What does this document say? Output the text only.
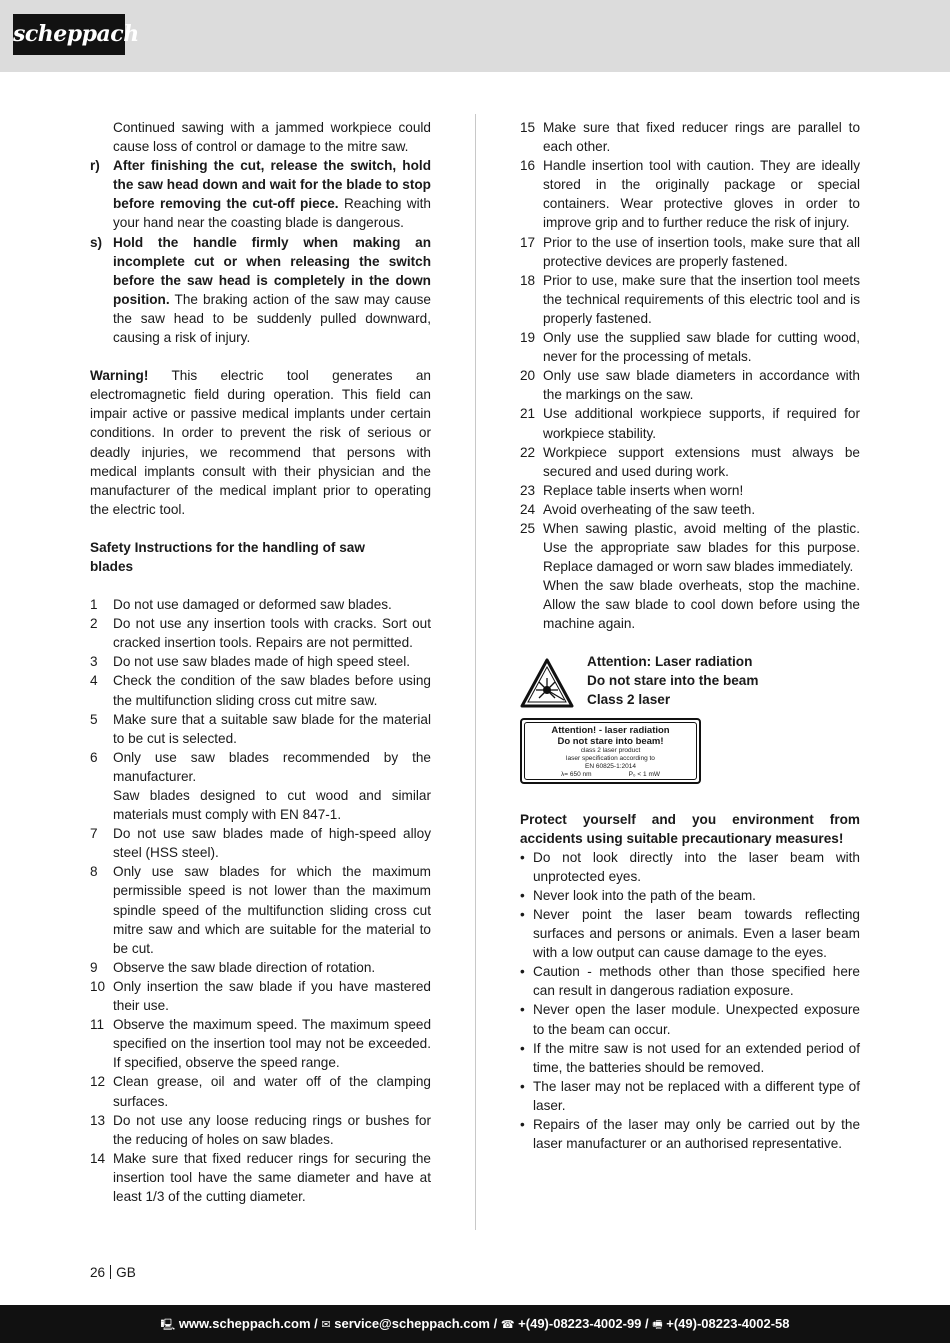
scheppach

Continued sawing with a jammed workpiece could cause loss of control or damage to the mitre saw.

r) After finishing the cut, release the switch, hold the saw head down and wait for the blade to stop before removing the cut-off piece. Reaching with your hand near the coasting blade is dangerous.

s) Hold the handle firmly when making an incomplete cut or when releasing the switch before the saw head is completely in the down position. The braking action of the saw may cause the saw head to be suddenly pulled downward, causing a risk of injury.

Warning! This electric tool generates an electromagnetic field during operation. This field can impair active or passive medical implants under certain conditions. In order to prevent the risk of serious or deadly injuries, we recommend that persons with medical implants consult with their physician and the manufacturer of the medical implant prior to operating the electric tool.

Safety Instructions for the handling of saw blades

1 Do not use damaged or deformed saw blades.
2 Do not use any insertion tools with cracks. Sort out cracked insertion tools. Repairs are not permitted.
3 Do not use saw blades made of high speed steel.
4 Check the condition of the saw blades before using the multifunction sliding cross cut mitre saw.
5 Make sure that a suitable saw blade for the material to be cut is selected.
6 Only use saw blades recommended by the manufacturer.
Saw blades designed to cut wood and similar materials must comply with EN 847-1.
7 Do not use saw blades made of high-speed alloy steel (HSS steel).
8 Only use saw blades for which the maximum permissible speed is not lower than the maximum spindle speed of the multifunction sliding cross cut mitre saw and which are suitable for the material to be cut.
9 Observe the saw blade direction of rotation.
10 Only insertion the saw blade if you have mastered their use.
11 Observe the maximum speed. The maximum speed specified on the insertion tool may not be exceeded. If specified, observe the speed range.
12 Clean grease, oil and water off of the clamping surfaces.
13 Do not use any loose reducing rings or bushes for the reducing of holes on saw blades.
14 Make sure that fixed reducer rings for securing the insertion tool have the same diameter and have at least 1/3 of the cutting diameter.
15 Make sure that fixed reducer rings are parallel to each other.
16 Handle insertion tool with caution. They are ideally stored in the originally package or special containers. Wear protective gloves in order to improve grip and to further reduce the risk of injury.
17 Prior to the use of insertion tools, make sure that all protective devices are properly fastened.
18 Prior to use, make sure that the insertion tool meets the technical requirements of this electric tool and is properly fastened.
19 Only use the supplied saw blade for cutting wood, never for the processing of metals.
20 Only use saw blade diameters in accordance with the markings on the saw.
21 Use additional workpiece supports, if required for workpiece stability.
22 Workpiece support extensions must always be secured and used during work.
23 Replace table inserts when worn!
24 Avoid overheating of the saw teeth.
25 When sawing plastic, avoid melting of the plastic. Use the appropriate saw blades for this purpose. Replace damaged or worn saw blades immediately.
When the saw blade overheats, stop the machine. Allow the saw blade to cool down before using the machine again.
Attention: Laser radiation
Do not stare into the beam
Class 2 laser
Attention! - laser radiation
Do not stare into beam!
class 2 laser product
laser specification according to
EN 60825-1:2014
λ= 650 nm	P₀ < 1 mW

Protect yourself and you environment from accidents using suitable precautionary measures!

• Do not look directly into the laser beam with unprotected eyes.
• Never look into the path of the beam.
• Never point the laser beam towards reflecting surfaces and persons or animals. Even a laser beam with a low output can cause damage to the eyes.
• Caution - methods other than those specified here can result in dangerous radiation exposure.
• Never open the laser module. Unexpected exposure to the beam can occur.
• If the mitre saw is not used for an extended period of time, the batteries should be removed.
• The laser may not be replaced with a different type of laser.
• Repairs of the laser may only be carried out by the laser manufacturer or an authorised representative.
26 GB
🖳 www.scheppach.com / ✉ service@scheppach.com / ☎ +(49)-08223-4002-99 / 🖷 +(49)-08223-4002-58
